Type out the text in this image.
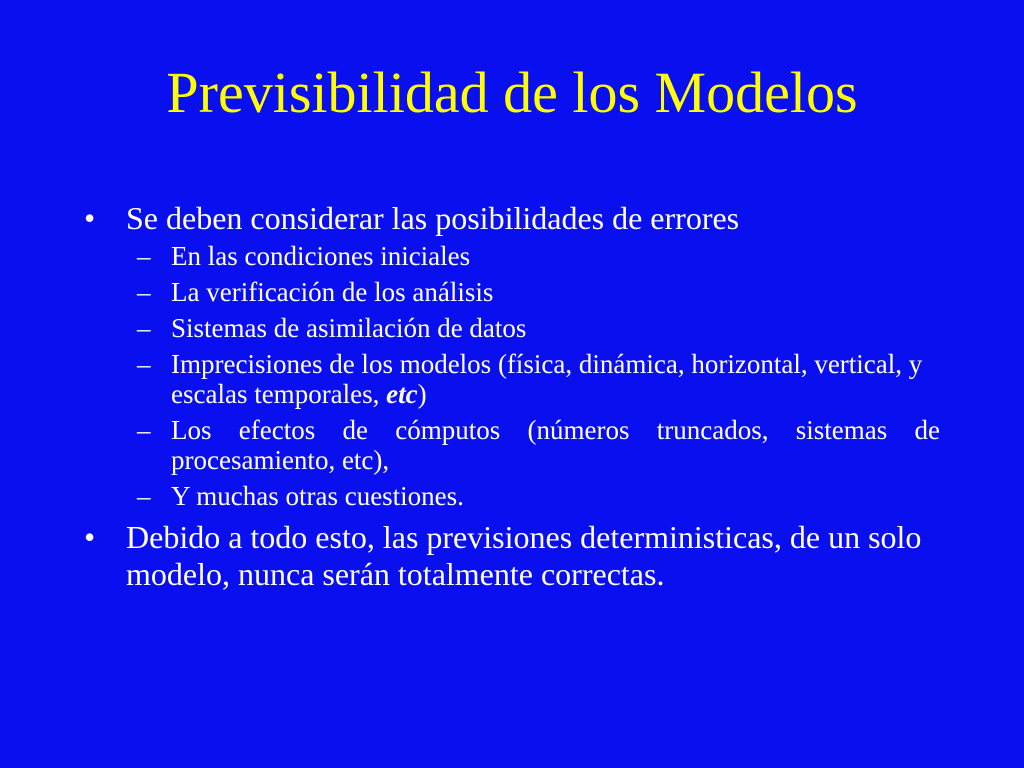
Previsibilidad de los Modelos
• Se deben considerar las posibilidades de errores
– En las condiciones iniciales
– La verificación de los análisis
– Sistemas de asimilación de datos
– Imprecisiones de los modelos (física, dinámica, horizontal, vertical, y escalas temporales, etc)
– Los efectos de cómputos (números truncados, sistemas de procesamiento, etc),
– Y muchas otras cuestiones.
• Debido a todo esto, las previsiones deterministicas, de un solo modelo, nunca serán totalmente correctas.
